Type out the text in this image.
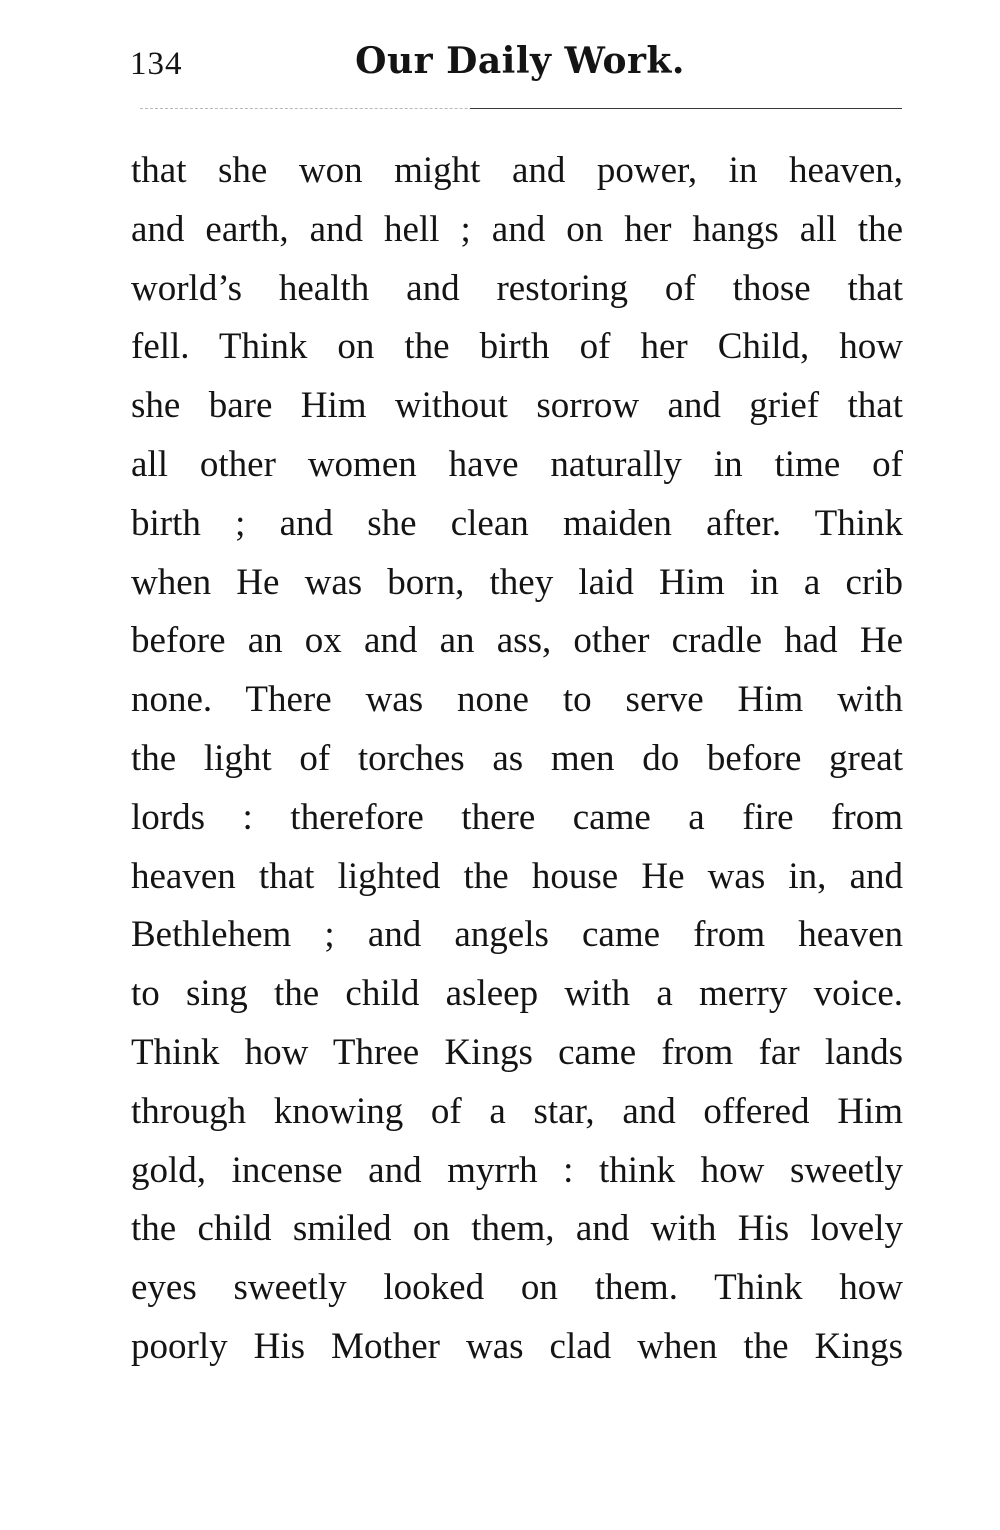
134	Our Daily Work.
that she won might and power, in heaven,
and earth, and hell ; and on her hangs all the
world’s health and restoring of those that
fell. Think on the birth of her Child, how
she bare Him without sorrow and grief that
all other women have naturally in time of
birth ; and she clean maiden after. Think
when He was born, they laid Him in a crib
before an ox and an ass, other cradle had He
none. There was none to serve Him with
the light of torches as men do before great
lords : therefore there came a fire from
heaven that lighted the house He was in, and
Bethlehem ; and angels came from heaven
to sing the child asleep with a merry voice.
Think how Three Kings came from far lands
through knowing of a star, and offered Him
gold, incense and myrrh : think how sweetly
the child smiled on them, and with His lovely
eyes sweetly looked on them. Think how
poorly His Mother was clad when the Kings
